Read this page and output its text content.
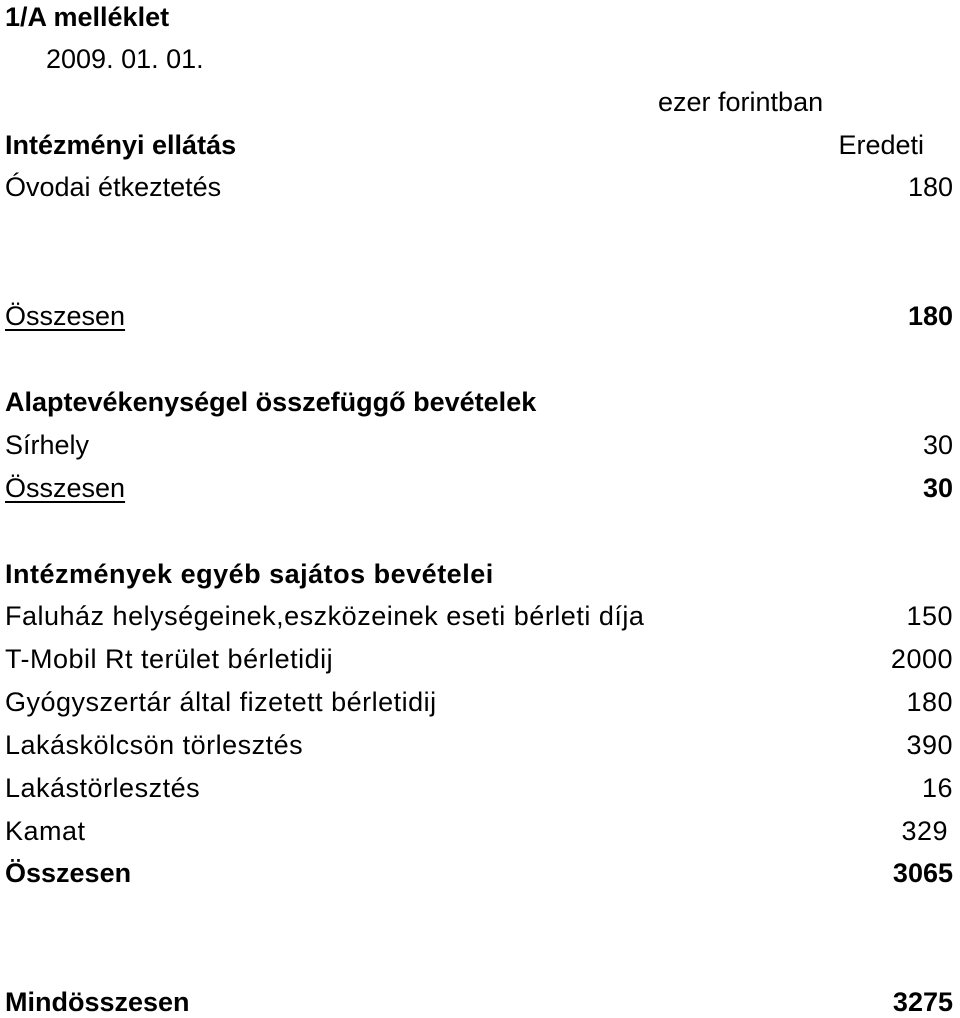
1/A melléklet
2009. 01. 01.
ezer forintban
Intézményi ellátás	Eredeti
Óvodai étkeztetés	180
Összesen	180
Alaptevékenységel összefüggő bevételek
Sírhely	30
Összesen	30
Intézmények egyéb sajátos bevételei
Faluház helységeinek,eszközeinek eseti bérleti díja	150
T-Mobil Rt terület bérletidij	2000
Gyógyszertár által fizetett bérletidij	180
Lakáskölcsön törlesztés	390
Lakástörlesztés	16
Kamat	329
Összesen	3065
Mindösszesen	3275
